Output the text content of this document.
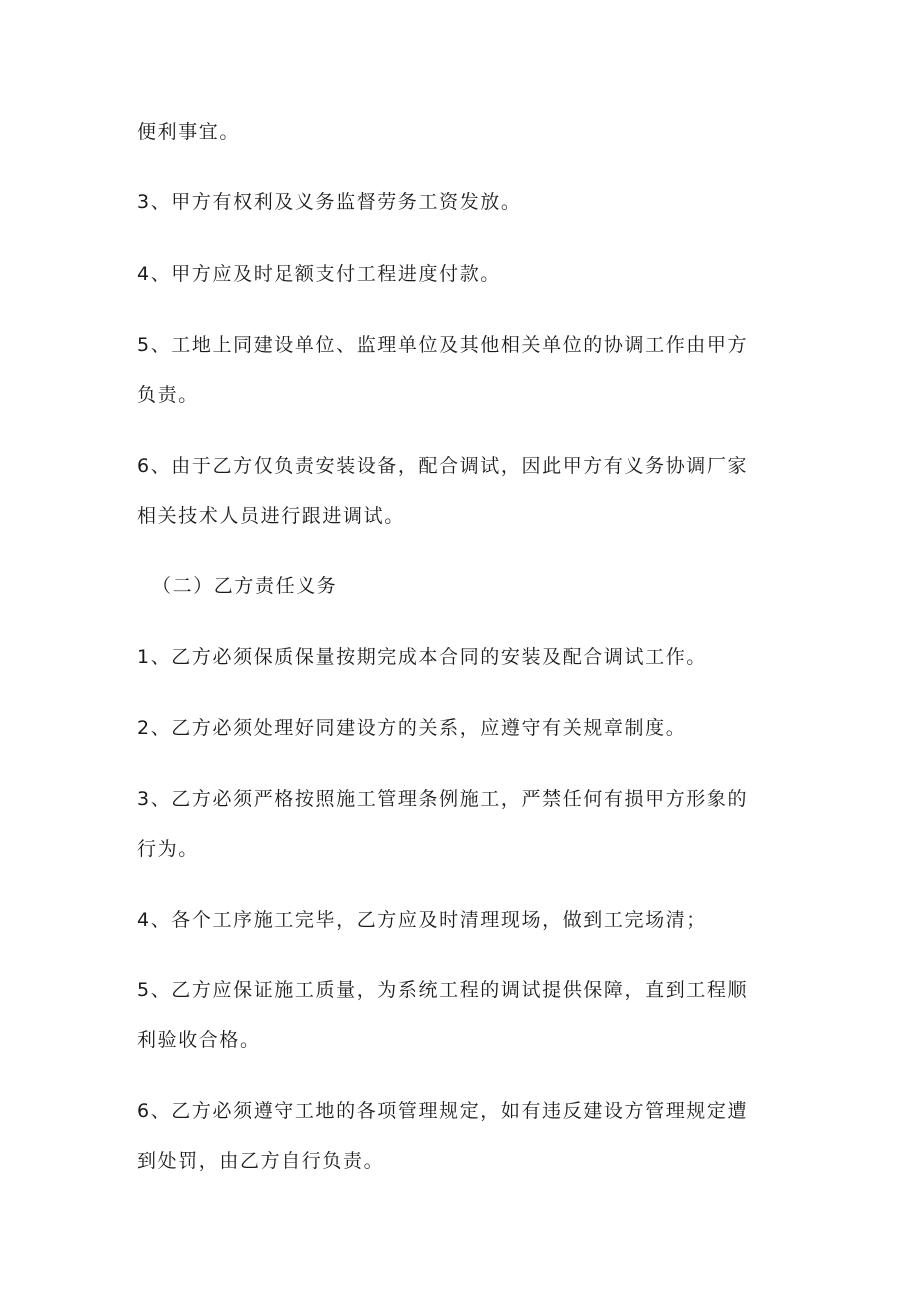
便利事宜。
3、甲方有权利及义务监督劳务工资发放。
4、甲方应及时足额支付工程进度付款。
5、工地上同建设单位、监理单位及其他相关单位的协调工作由甲方
负责。
6、由于乙方仅负责安装设备，配合调试，因此甲方有义务协调厂家
相关技术人员进行跟进调试。
（二）乙方责任义务
1、乙方必须保质保量按期完成本合同的安装及配合调试工作。
2、乙方必须处理好同建设方的关系，应遵守有关规章制度。
3、乙方必须严格按照施工管理条例施工，严禁任何有损甲方形象的
行为。
4、各个工序施工完毕，乙方应及时清理现场，做到工完场清；
5、乙方应保证施工质量，为系统工程的调试提供保障，直到工程顺
利验收合格。
6、乙方必须遵守工地的各项管理规定，如有违反建设方管理规定遭
到处罚，由乙方自行负责。
